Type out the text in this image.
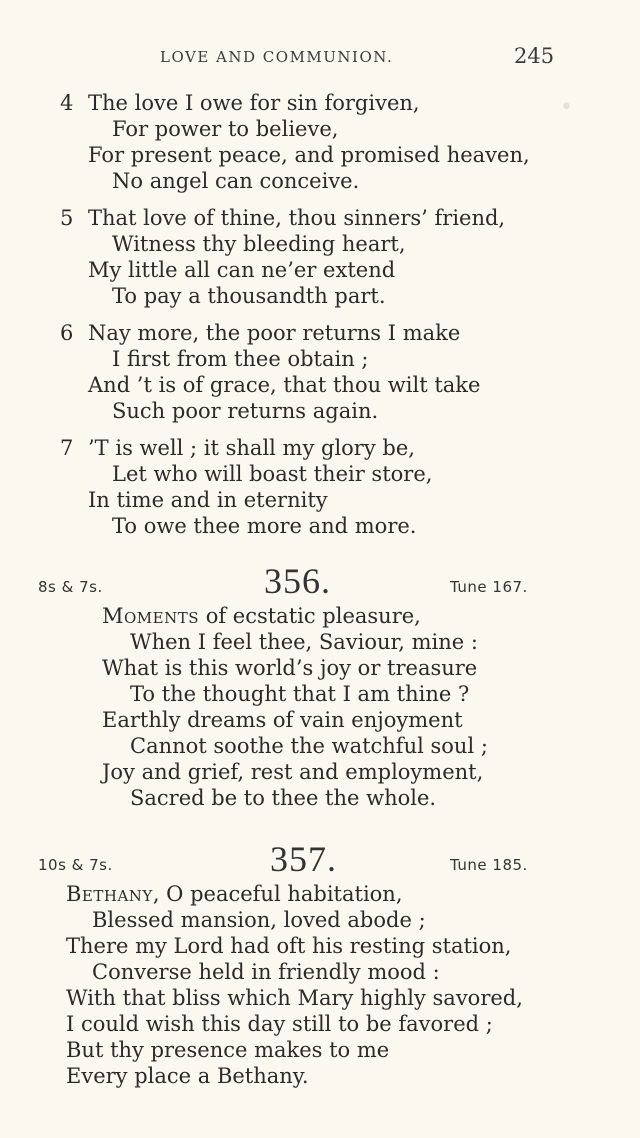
•
LOVE AND COMMUNION.	245
4 The love I owe for sin forgiven,
For power to believe,
For present peace, and promised heaven,
No angel can conceive.
5 That love of thine, thou sinners’ friend,
Witness thy bleeding heart,
My little all can ne’er extend
To pay a thousandth part.
6 Nay more, the poor returns I make
I first from thee obtain ;
And ’t is of grace, that thou wilt take
Such poor returns again.
7 ’T is well ; it shall my glory be,
Let who will boast their store,
In time and in eternity
To owe thee more and more.
8s & 7s.	356.	Tune 167.
Moments of ecstatic pleasure,
When I feel thee, Saviour, mine :
What is this world’s joy or treasure
To the thought that I am thine ?
Earthly dreams of vain enjoyment
Cannot soothe the watchful soul ;
Joy and grief, rest and employment,
Sacred be to thee the whole.
10s & 7s.	357.	Tune 185.
Bethany, O peaceful habitation,
Blessed mansion, loved abode ;
There my Lord had oft his resting station,
Converse held in friendly mood :
With that bliss which Mary highly savored,
I could wish this day still to be favored ;
But thy presence makes to me
Every place a Bethany.
